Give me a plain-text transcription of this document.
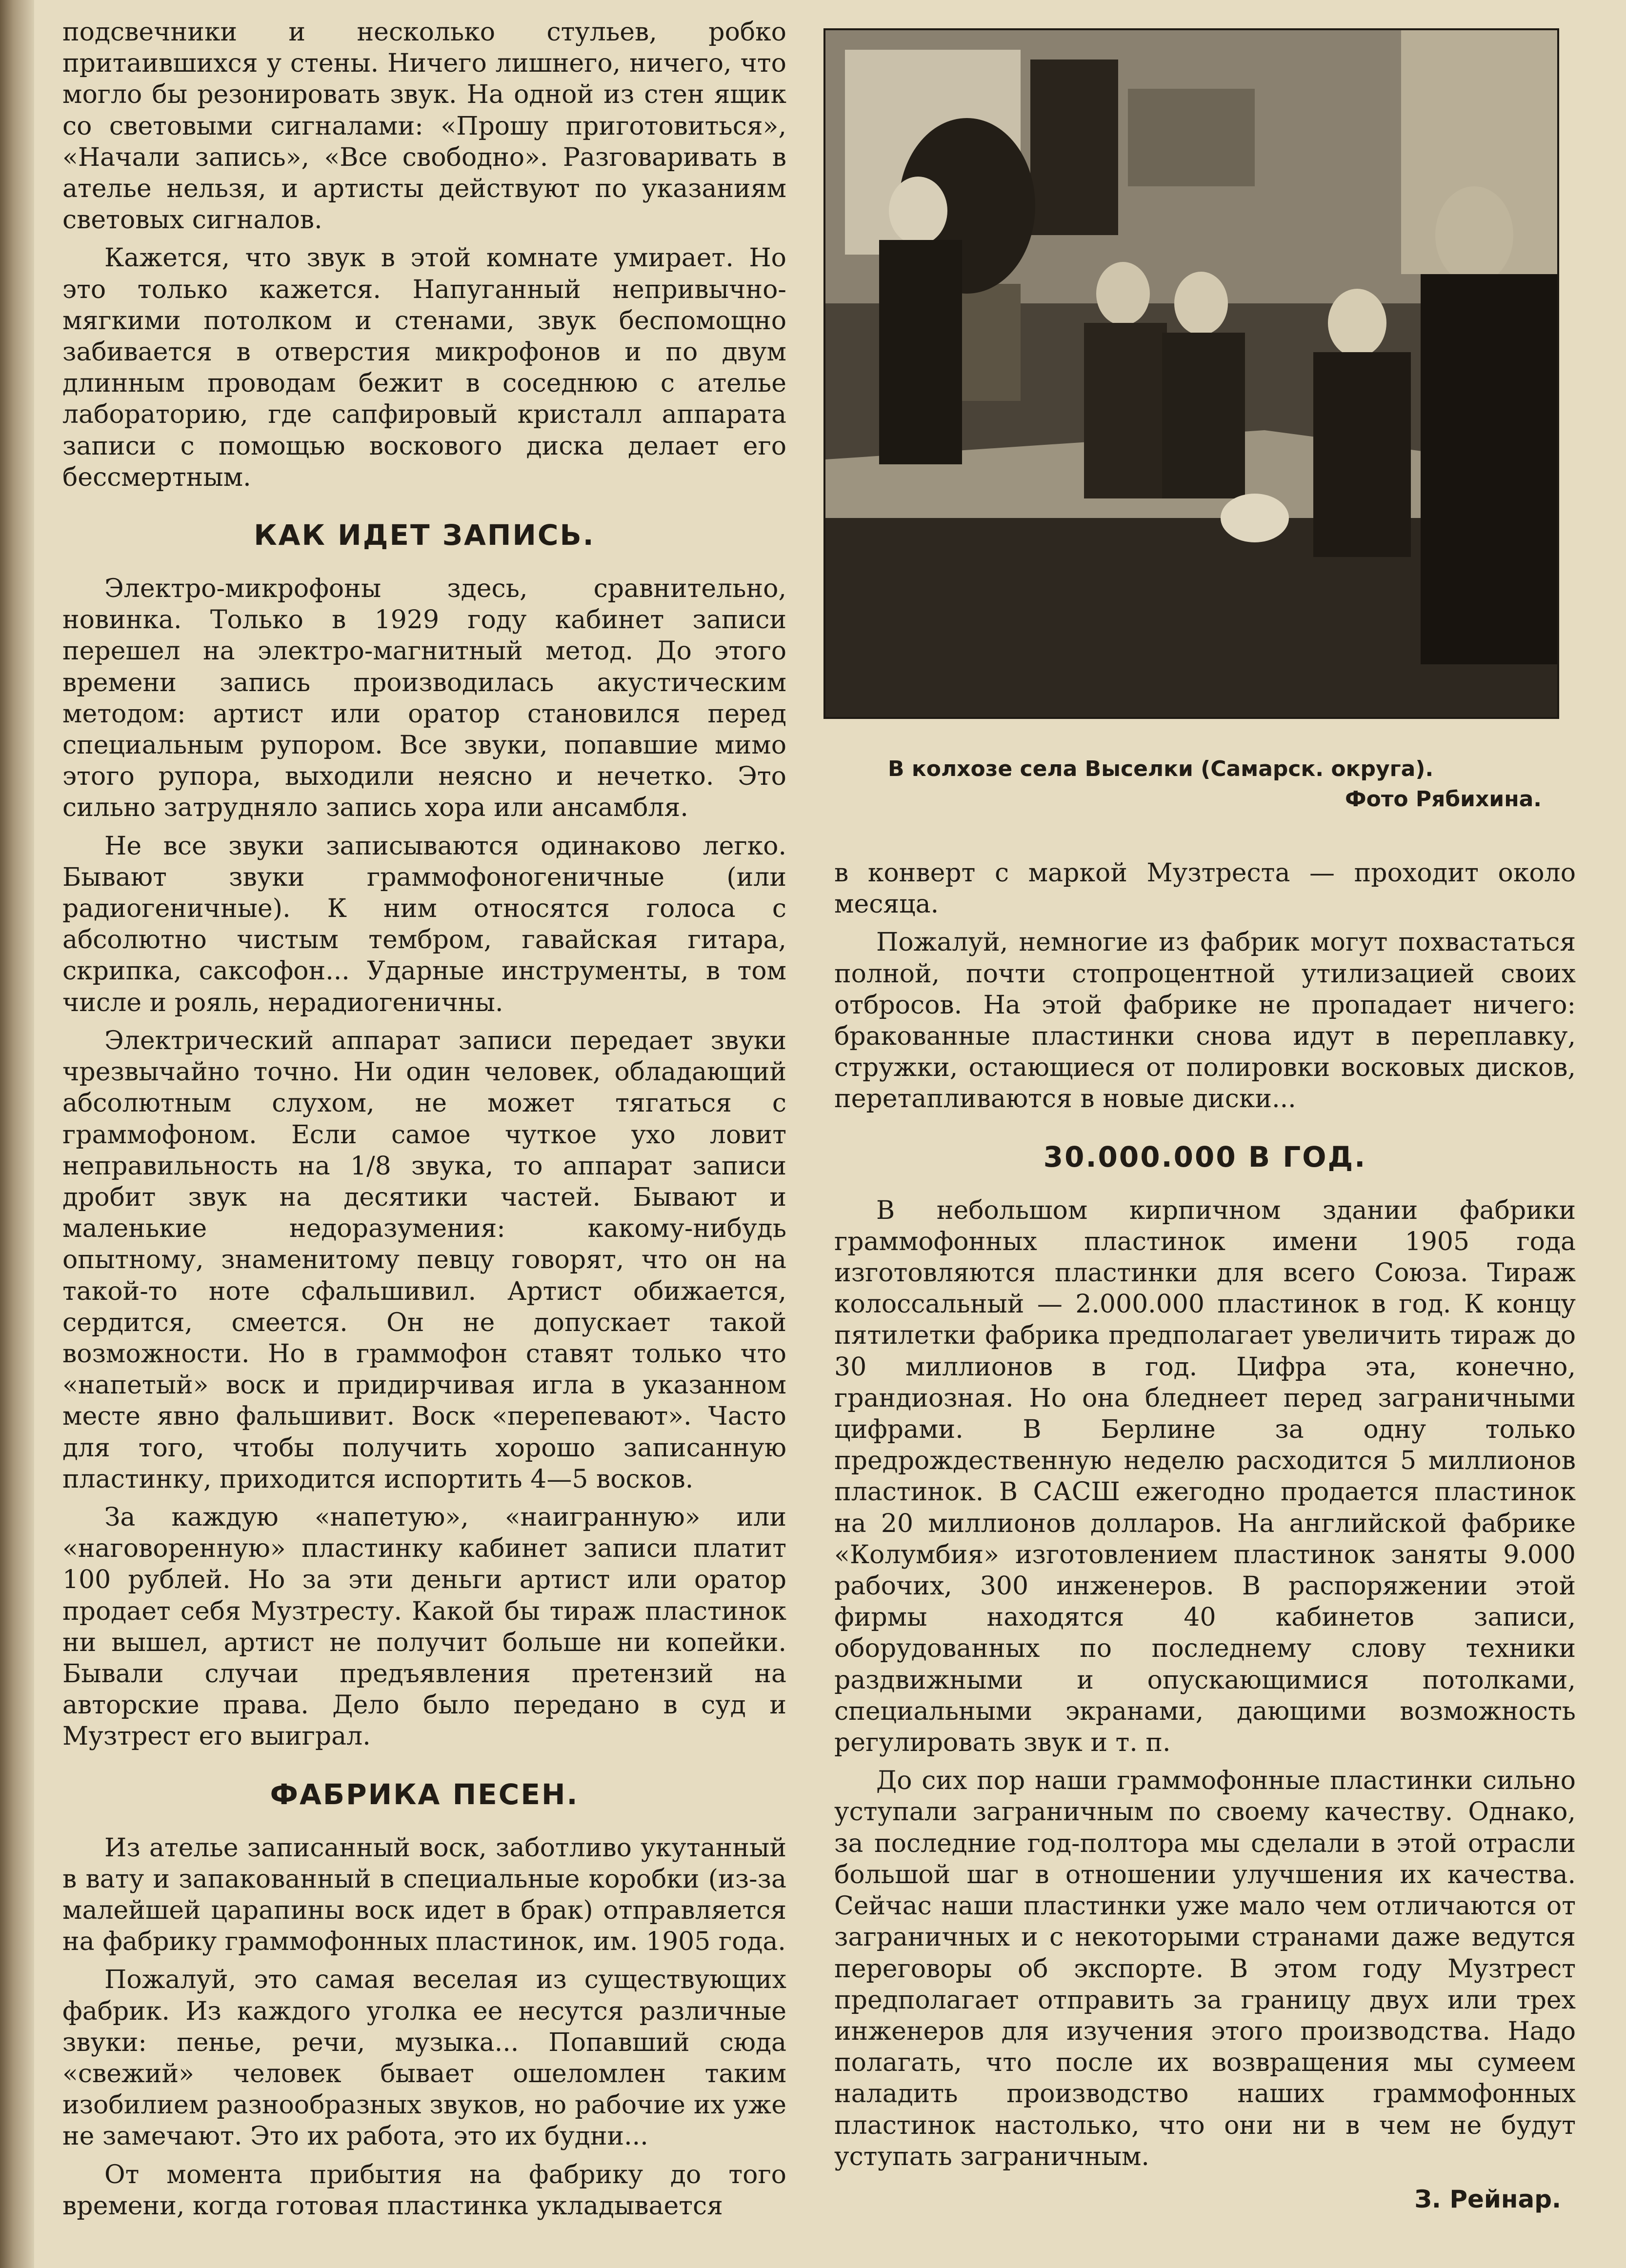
подсвечники и несколько стульев, робко притаившихся у стены. Ничего лишнего, ничего, что могло бы резонировать звук. На одной из стен ящик со световыми сигналами: «Прошу приготовиться», «Начали запись», «Все свободно». Разговаривать в ателье нельзя, и артисты действуют по указаниям световых сигналов.

Кажется, что звук в этой комнате умирает. Но это только кажется. Напуганный непривычно-мягкими потолком и стенами, звук беспомощно забивается в отверстия микрофонов и по двум длинным проводам бежит в соседнюю с ателье лабораторию, где сапфировый кристалл аппарата записи с помощью воскового диска делает его бессмертным.

КАК ИДЕТ ЗАПИСЬ.

Электро-микрофоны здесь, сравнительно, новинка. Только в 1929 году кабинет записи перешел на электро-магнитный метод. До этого времени запись производилась акустическим методом: артист или оратор становился перед специальным рупором. Все звуки, попавшие мимо этого рупора, выходили неясно и нечетко. Это сильно затрудняло запись хора или ансамбля.

Не все звуки записываются одинаково легко. Бывают звуки граммофоногеничные (или радиогеничные). К ним относятся голоса с абсолютно чистым тембром, гавайская гитара, скрипка, саксофон... Ударные инструменты, в том числе и рояль, нерадиогеничны.

Электрический аппарат записи передает звуки чрезвычайно точно. Ни один человек, обладающий абсолютным слухом, не может тягаться с граммофоном. Если самое чуткое ухо ловит неправильность на 1/8 звука, то аппарат записи дробит звук на десятики частей. Бывают и маленькие недоразумения: какому-нибудь опытному, знаменитому певцу говорят, что он на такой-то ноте сфальшивил. Артист обижается, сердится, смеется. Он не допускает такой возможности. Но в граммофон ставят только что «напетый» воск и придирчивая игла в указанном месте явно фальшивит. Воск «перепевают». Часто для того, чтобы получить хорошо записанную пластинку, приходится испортить 4—5 восков.

За каждую «напетую», «наигранную» или «наговоренную» пластинку кабинет записи платит 100 рублей. Но за эти деньги артист или оратор продает себя Музтресту. Какой бы тираж пластинок ни вышел, артист не получит больше ни копейки. Бывали случаи предъявления претензий на авторские права. Дело было передано в суд и Музтрест его выиграл.

ФАБРИКА ПЕСЕН.

Из ателье записанный воск, заботливо укутанный в вату и запакованный в специальные коробки (из-за малейшей царапины воск идет в брак) отправляется на фабрику граммофонных пластинок, им. 1905 года.

Пожалуй, это самая веселая из существующих фабрик. Из каждого уголка ее несутся различные звуки: пенье, речи, музыка... Попавший сюда «свежий» человек бывает ошеломлен таким изобилием разнообразных звуков, но рабочие их уже не замечают. Это их работа, это их будни...

От момента прибытия на фабрику до того времени, когда готовая пластинка укладывается

В колхозе села Выселки (Самарск. округа).
Фото Рябихина.

в конверт с маркой Музтреста — проходит около месяца.

Пожалуй, немногие из фабрик могут похвастаться полной, почти стопроцентной утилизацией своих отбросов. На этой фабрике не пропадает ничего: бракованные пластинки снова идут в переплавку, стружки, остающиеся от полировки восковых дисков, перетапливаются в новые диски...

30.000.000 В ГОД.

В небольшом кирпичном здании фабрики граммофонных пластинок имени 1905 года изготовляются пластинки для всего Союза. Тираж колоссальный — 2.000.000 пластинок в год. К концу пятилетки фабрика предполагает увеличить тираж до 30 миллионов в год. Цифра эта, конечно, грандиозная. Но она бледнеет перед заграничными цифрами. В Берлине за одну только предрождественную неделю расходится 5 миллионов пластинок. В САСШ ежегодно продается пластинок на 20 миллионов долларов. На английской фабрике «Колумбия» изготовлением пластинок заняты 9.000 рабочих, 300 инженеров. В распоряжении этой фирмы находятся 40 кабинетов записи, оборудованных по последнему слову техники раздвижными и опускающимися потолками, специальными экранами, дающими возможность регулировать звук и т. п.

До сих пор наши граммофонные пластинки сильно уступали заграничным по своему качеству. Однако, за последние год-полтора мы сделали в этой отрасли большой шаг в отношении улучшения их качества. Сейчас наши пластинки уже мало чем отличаются от заграничных и с некоторыми странами даже ведутся переговоры об экспорте. В этом году Музтрест предполагает отправить за границу двух или трех инженеров для изучения этого производства. Надо полагать, что после их возвращения мы сумеем наладить производство наших граммофонных пластинок настолько, что они ни в чем не будут уступать заграничным.

З. Рейнар.
